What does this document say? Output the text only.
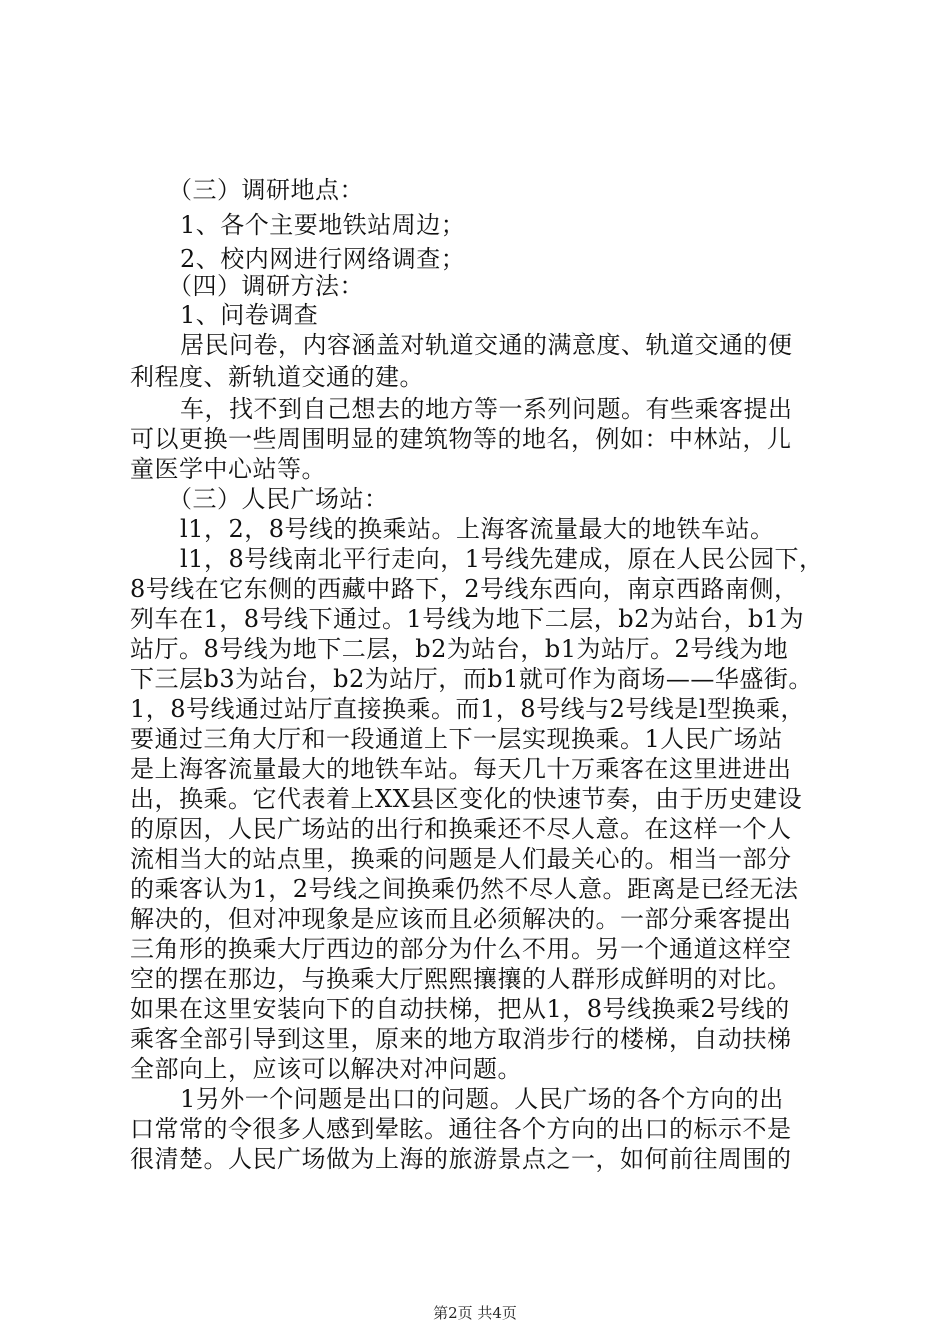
（三）调研地点：
1、各个主要地铁站周边；
2、校内网进行网络调查；
（四）调研方法：
1、问卷调查
居民问卷，内容涵盖对轨道交通的满意度、轨道交通的便
利程度、新轨道交通的建。
车，找不到自己想去的地方等一系列问题。有些乘客提出
可以更换一些周围明显的建筑物等的地名，例如：中林站，儿
童医学中心站等。
（三）人民广场站：
l1，2，8号线的换乘站。上海客流量最大的地铁车站。
l1，8号线南北平行走向，1号线先建成，原在人民公园下，
8号线在它东侧的西藏中路下，2号线东西向，南京西路南侧，
列车在1，8号线下通过。1号线为地下二层，b2为站台，b1为
站厅。8号线为地下二层，b2为站台，b1为站厅。2号线为地
下三层b3为站台，b2为站厅，而b1就可作为商场——华盛街。
1，8号线通过站厅直接换乘。而1，8号线与2号线是l型换乘，
要通过三角大厅和一段通道上下一层实现换乘。1人民广场站
是上海客流量最大的地铁车站。每天几十万乘客在这里进进出
出，换乘。它代表着上XX县区变化的快速节奏，由于历史建设
的原因，人民广场站的出行和换乘还不尽人意。在这样一个人
流相当大的站点里，换乘的问题是人们最关心的。相当一部分
的乘客认为1，2号线之间换乘仍然不尽人意。距离是已经无法
解决的，但对冲现象是应该而且必须解决的。一部分乘客提出
三角形的换乘大厅西边的部分为什么不用。另一个通道这样空
空的摆在那边，与换乘大厅熙熙攘攘的人群形成鲜明的对比。
如果在这里安装向下的自动扶梯，把从1，8号线换乘2号线的
乘客全部引导到这里，原来的地方取消步行的楼梯，自动扶梯
全部向上，应该可以解决对冲问题。
1另外一个问题是出口的问题。人民广场的各个方向的出
口常常的令很多人感到晕眩。通往各个方向的出口的标示不是
很清楚。人民广场做为上海的旅游景点之一，如何前往周围的
第2页 共4页
